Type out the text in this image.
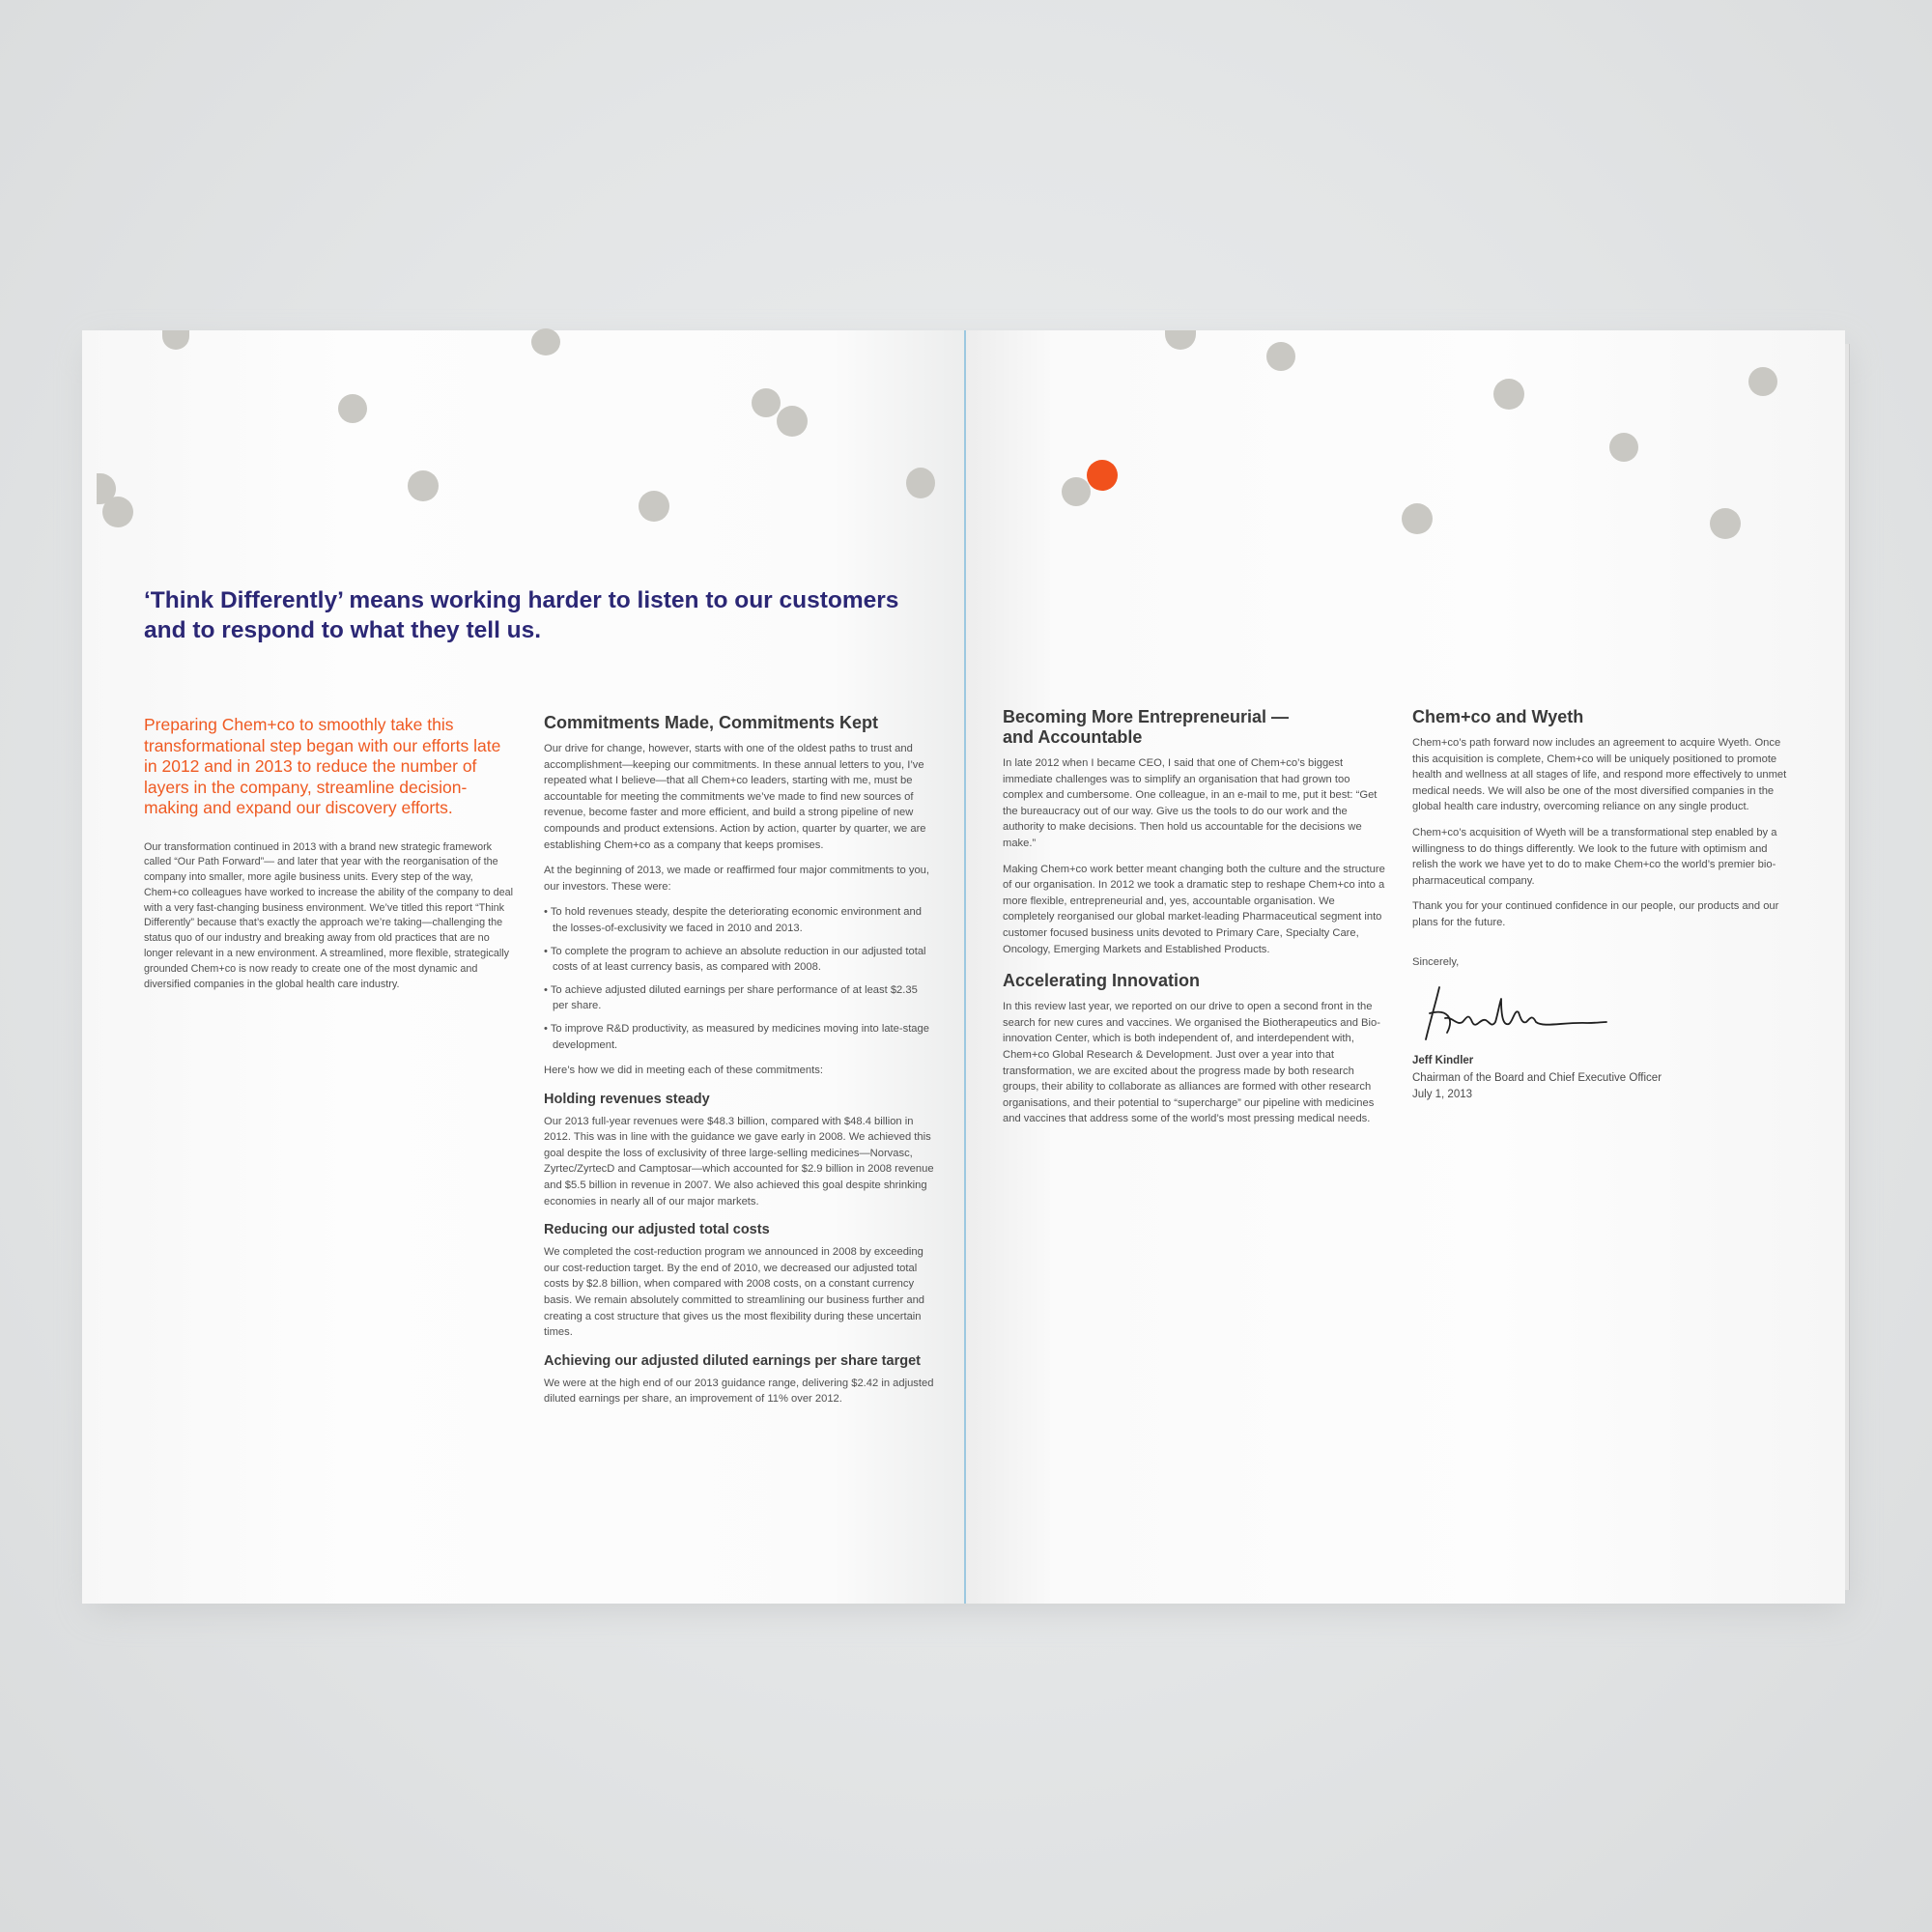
‘Think Differently’ means working harder to listen to our customers and to respond to what they tell us.

Preparing Chem+co to smoothly take this transformational step began with our efforts late in 2012 and in 2013 to reduce the number of layers in the company, streamline decision-making and expand our discovery efforts.

Our transformation continued in 2013 with a brand new strategic framework called “Our Path Forward”— and later that year with the reorganisation of the company into smaller, more agile business units. Every step of the way, Chem+co colleagues have worked to increase the ability of the company to deal with a very fast-changing business environment. We’ve titled this report “Think Differently” because that’s exactly the approach we’re taking—challenging the status quo of our industry and breaking away from old practices that are no longer relevant in a new environment. A streamlined, more flexible, strategically grounded Chem+co is now ready to create one of the most dynamic and diversified companies in the global health care industry.

Commitments Made, Commitments Kept

Our drive for change, however, starts with one of the oldest paths to trust and accomplishment—keeping our commitments. In these annual letters to you, I’ve repeated what I believe—that all Chem+co leaders, starting with me, must be accountable for meeting the commitments we’ve made to find new sources of revenue, become faster and more efficient, and build a strong pipeline of new compounds and product extensions. Action by action, quarter by quarter, we are establishing Chem+co as a company that keeps promises.

At the beginning of 2013, we made or reaffirmed four major commitments to you, our investors. These were:

• To hold revenues steady, despite the deteriorating economic environment and the losses-of-exclusivity we faced in 2010 and 2013.
• To complete the program to achieve an absolute reduction in our adjusted total costs of at least currency basis, as compared with 2008.
• To achieve adjusted diluted earnings per share performance of at least $2.35 per share.
• To improve R&D productivity, as measured by medicines moving into late-stage development.

Here’s how we did in meeting each of these commitments:

Holding revenues steady

Our 2013 full-year revenues were $48.3 billion, compared with $48.4 billion in 2012. This was in line with the guidance we gave early in 2008. We achieved this goal despite the loss of exclusivity of three large-selling medicines—Norvasc, Zyrtec/ZyrtecD and Camptosar—which accounted for $2.9 billion in 2008 revenue and $5.5 billion in revenue in 2007. We also achieved this goal despite shrinking economies in nearly all of our major markets.

Reducing our adjusted total costs

We completed the cost-reduction program we announced in 2008 by exceeding our cost-reduction target. By the end of 2010, we decreased our adjusted total costs by $2.8 billion, when compared with 2008 costs, on a constant currency basis. We remain absolutely committed to streamlining our business further and creating a cost structure that gives us the most flexibility during these uncertain times.

Achieving our adjusted diluted earnings per share target

We were at the high end of our 2013 guidance range, delivering $2.42 in adjusted diluted earnings per share, an improvement of 11% over 2012.

Becoming More Entrepreneurial —and Accountable

In late 2012 when I became CEO, I said that one of Chem+co’s biggest immediate challenges was to simplify an organisation that had grown too complex and cumbersome. One colleague, in an e-mail to me, put it best: “Get the bureaucracy out of our way. Give us the tools to do our work and the authority to make decisions. Then hold us accountable for the decisions we make.”

Making Chem+co work better meant changing both the culture and the structure of our organisation. In 2012 we took a dramatic step to reshape Chem+co into a more flexible, entrepreneurial and, yes, accountable organisation. We completely reorganised our global market-leading Pharmaceutical segment into customer focused business units devoted to Primary Care, Specialty Care, Oncology, Emerging Markets and Established Products.

Accelerating Innovation

In this review last year, we reported on our drive to open a second front in the search for new cures and vaccines. We organised the Biotherapeutics and Bio-innovation Center, which is both independent of, and interdependent with, Chem+co Global Research & Development. Just over a year into that transformation, we are excited about the progress made by both research groups, their ability to collaborate as alliances are formed with other research organisations, and their potential to “supercharge” our pipeline with medicines and vaccines that address some of the world’s most pressing medical needs.

Chem+co and Wyeth

Chem+co’s path forward now includes an agreement to acquire Wyeth. Once this acquisition is complete, Chem+co will be uniquely positioned to promote health and wellness at all stages of life, and respond more effectively to unmet medical needs. We will also be one of the most diversified companies in the global health care industry, overcoming reliance on any single product.

Chem+co’s acquisition of Wyeth will be a transformational step enabled by a willingness to do things differently. We look to the future with optimism and relish the work we have yet to do to make Chem+co the world’s premier bio-pharmaceutical company.

Thank you for your continued confidence in our people, our products and our plans for the future.

Sincerely,

Jeff Kindler

Chairman of the Board and Chief Executive Officer

July 1, 2013
